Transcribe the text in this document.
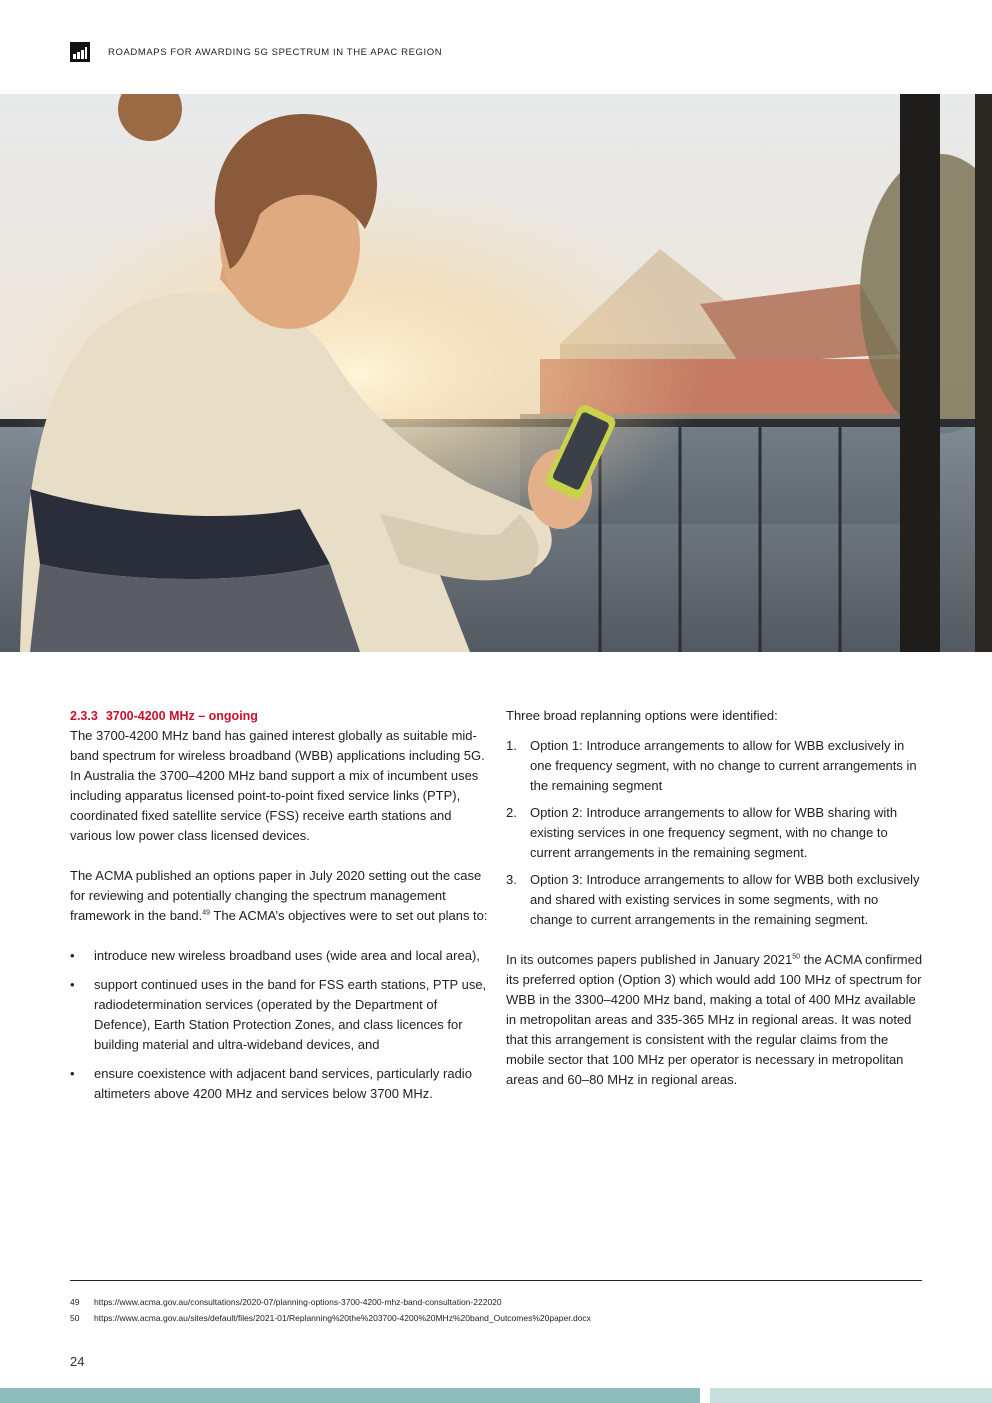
ROADMAPS FOR AWARDING 5G SPECTRUM IN THE APAC REGION
2.3.3 3700-4200 MHz – ongoing

The 3700-4200 MHz band has gained interest globally as suitable mid-band spectrum for wireless broadband (WBB) applications including 5G. In Australia the 3700–4200 MHz band support a mix of incumbent uses including apparatus licensed point-to-point fixed service links (PTP), coordinated fixed satellite service (FSS) receive earth stations and various low power class licensed devices.

The ACMA published an options paper in July 2020 setting out the case for reviewing and potentially changing the spectrum management framework in the band.$^{49}$ The ACMA’s objectives were to set out plans to:

• introduce new wireless broadband uses (wide area and local area),
• support continued uses in the band for FSS earth stations, PTP use, radiodetermination services (operated by the Department of Defence), Earth Station Protection Zones, and class licences for building material and ultra-wideband devices, and
• ensure coexistence with adjacent band services, particularly radio altimeters above 4200 MHz and services below 3700 MHz.

Three broad replanning options were identified:

1. Option 1: Introduce arrangements to allow for WBB exclusively in one frequency segment, with no change to current arrangements in the remaining segment
2. Option 2: Introduce arrangements to allow for WBB sharing with existing services in one frequency segment, with no change to current arrangements in the remaining segment.
3. Option 3: Introduce arrangements to allow for WBB both exclusively and shared with existing services in some segments, with no change to current arrangements in the remaining segment.

In its outcomes papers published in January 2021$^{50}$ the ACMA confirmed its preferred option (Option 3) which would add 100 MHz of spectrum for WBB in the 3300–4200 MHz band, making a total of 400 MHz available in metropolitan areas and 335-365 MHz in regional areas. It was noted that this arrangement is consistent with the regular claims from the mobile sector that 100 MHz per operator is necessary in metropolitan areas and 60–80 MHz in regional areas.

49	https://www.acma.gov.au/consultations/2020-07/planning-options-3700-4200-mhz-band-consultation-222020
50	https://www.acma.gov.au/sites/default/files/2021-01/Replanning%20the%203700-4200%20MHz%20band_Outcomes%20paper.docx
24
